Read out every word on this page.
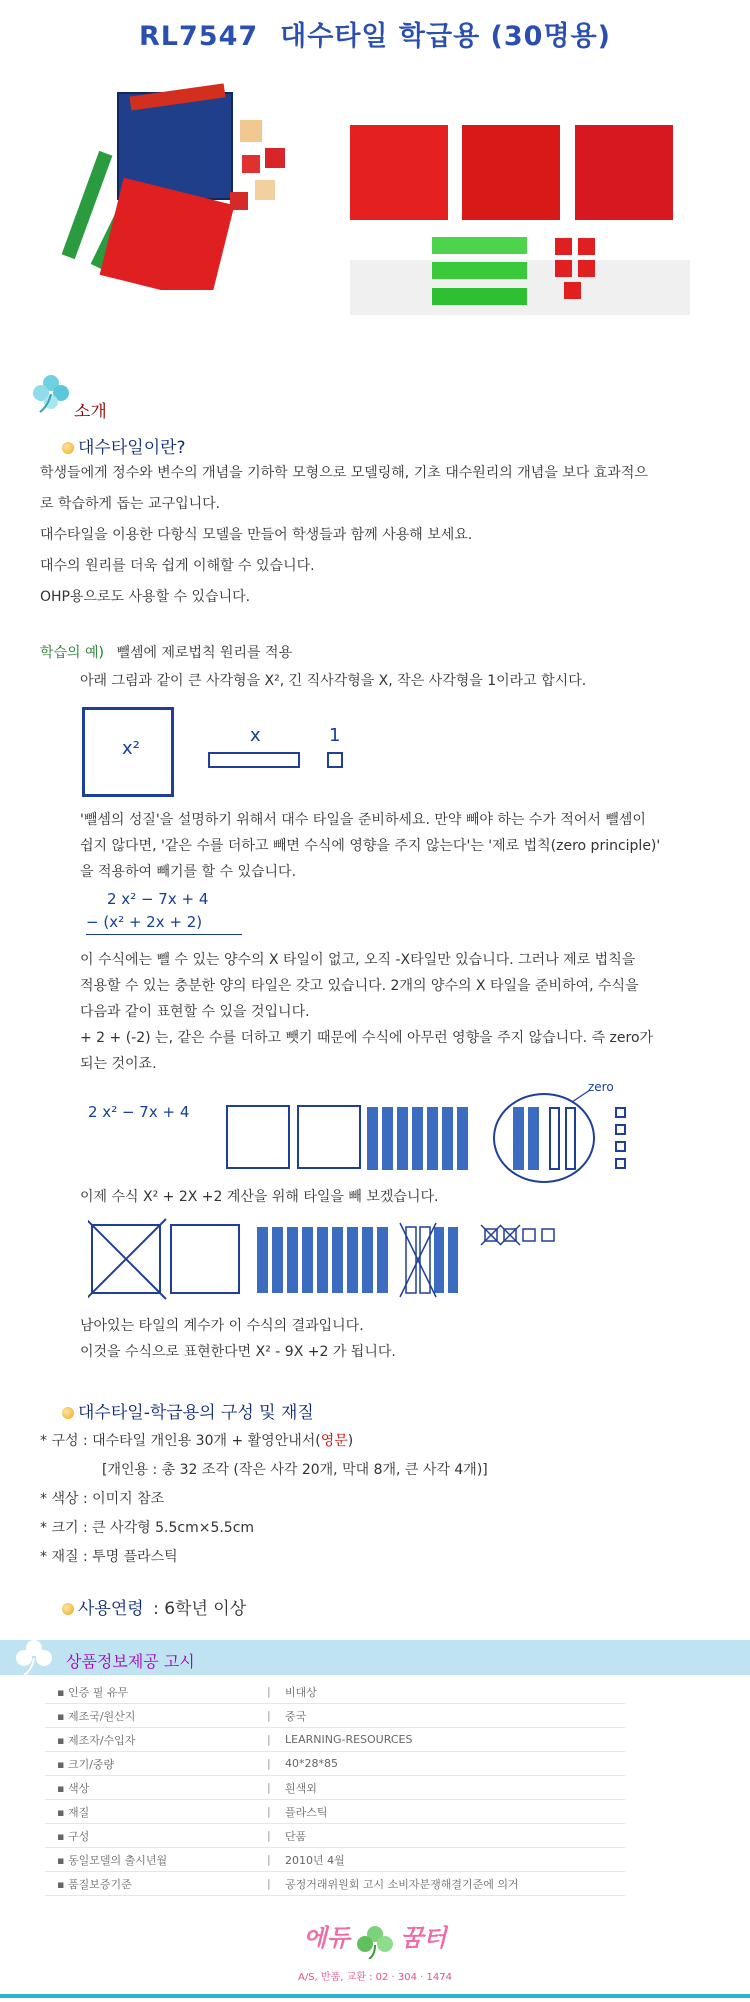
RL7547 대수타일 학급용 (30명용)
소개
대수타일이란?
학생들에게 정수와 변수의 개념을 기하학 모형으로 모델링해, 기초 대수원리의 개념을 보다 효과적으
로 학습하게 돕는 교구입니다.
대수타일을 이용한 다항식 모델을 만들어 학생들과 함께 사용해 보세요.
대수의 원리를 더욱 쉽게 이해할 수 있습니다.
OHP용으로도 사용할 수 있습니다.
학습의 예) 뺄셈에 제로법칙 원리를 적용
아래 그림과 같이 큰 사각형을 X², 긴 직사각형을 X, 작은 사각형을 1이라고 합시다.
x²
x	1
'뺄셈의 성질'을 설명하기 위해서 대수 타일을 준비하세요. 만약 빼야 하는 수가 적어서 뺄셈이
쉽지 않다면, '같은 수를 더하고 빼면 수식에 영향을 주지 않는다'는 '제로 법칙(zero principle)'
을 적용하여 빼기를 할 수 있습니다.
2 x² − 7x + 4
− (x² + 2x + 2)
이 수식에는 뺄 수 있는 양수의 X 타일이 없고, 오직 -X타일만 있습니다. 그러나 제로 법칙을
적용할 수 있는 충분한 양의 타일은 갖고 있습니다. 2개의 양수의 X 타일을 준비하여, 수식을
다음과 같이 표현할 수 있을 것입니다.
+ 2 + (-2) 는, 같은 수를 더하고 뺏기 때문에 수식에 아무런 영향을 주지 않습니다. 즉 zero가
되는 것이죠.
2 x² − 7x + 4
zero
이제 수식 X² + 2X +2 계산을 위해 타일을 빼 보겠습니다.
남아있는 타일의 계수가 이 수식의 결과입니다.
이것을 수식으로 표현한다면 X² - 9X +2 가 됩니다.
대수타일-학급용의 구성 및 재질
* 구성 : 대수타일 개인용 30개 + 활영안내서(영문)
[개인용 : 총 32 조각 (작은 사각 20개, 막대 8개, 큰 사각 4개)]
* 색상 : 이미지 참조
* 크기 : 큰 사각형 5.5cm×5.5cm
* 재질 : 투명 플라스틱
사용연령 : 6학년 이상
상품정보제공 고시
▪ 인증 필 유무	|	비대상
▪ 제조국/원산지	|	중국
▪ 제조자/수입자	|	LEARNING-RESOURCES
▪ 크기/중량	|	40*28*85
▪ 색상	|	흰색외
▪ 재질	|	플라스틱
▪ 구성	|	단품
▪ 동일모델의 출시년월	|	2010년 4월
▪ 품질보증기준	|	공정거래위원회 고시 소비자분쟁해결기준에 의거
에듀 꿈터
A/S, 반품, 교환 : 02 · 304 · 1474
